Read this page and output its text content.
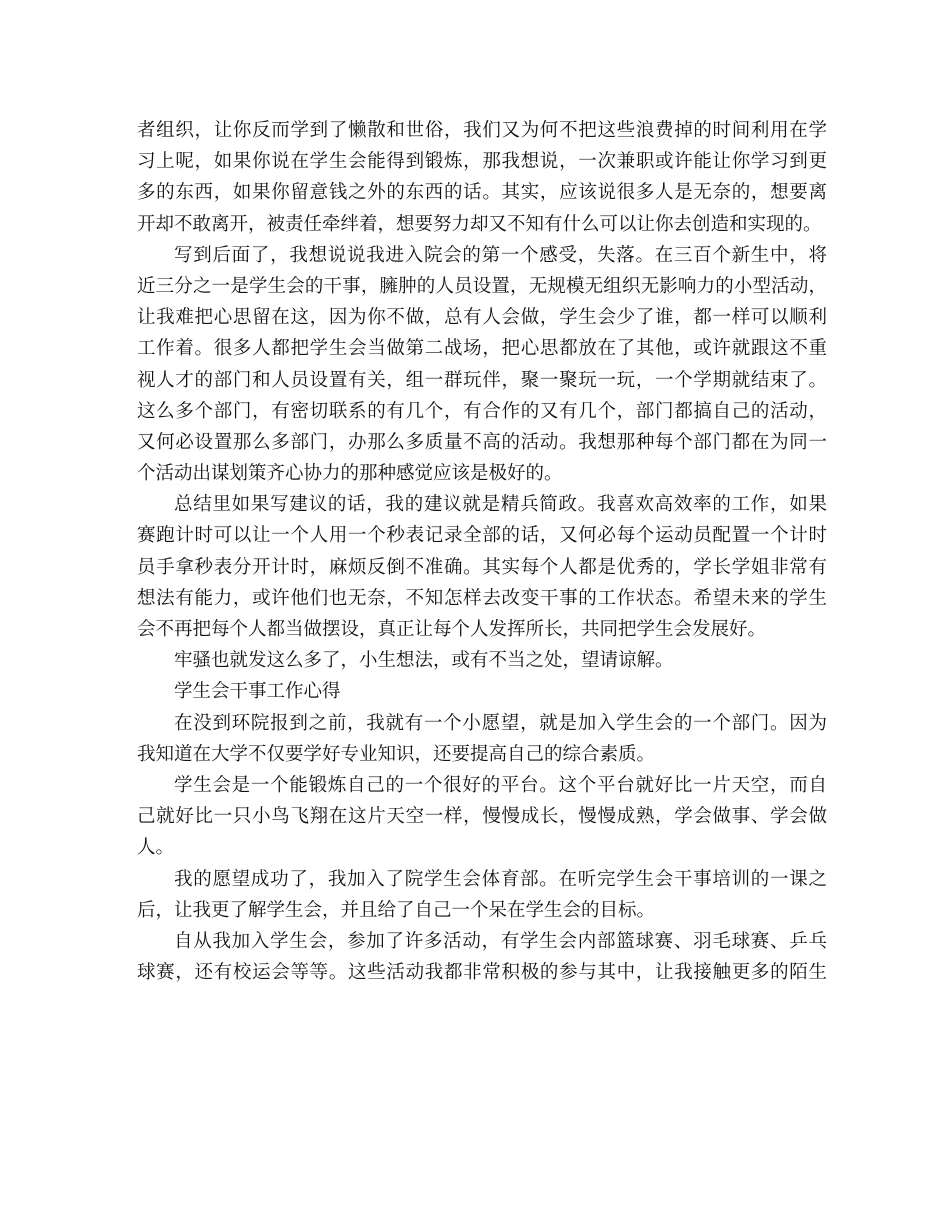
者组织，让你反而学到了懒散和世俗，我们又为何不把这些浪费掉的时间利用在学
习上呢，如果你说在学生会能得到锻炼，那我想说，一次兼职或许能让你学习到更
多的东西，如果你留意钱之外的东西的话。其实，应该说很多人是无奈的，想要离
开却不敢离开，被责任牵绊着，想要努力却又不知有什么可以让你去创造和实现的。
写到后面了，我想说说我进入院会的第一个感受，失落。在三百个新生中，将
近三分之一是学生会的干事，臃肿的人员设置，无规模无组织无影响力的小型活动，
让我难把心思留在这，因为你不做，总有人会做，学生会少了谁，都一样可以顺利
工作着。很多人都把学生会当做第二战场，把心思都放在了其他，或许就跟这不重
视人才的部门和人员设置有关，组一群玩伴，聚一聚玩一玩，一个学期就结束了。
这么多个部门，有密切联系的有几个，有合作的又有几个，部门都搞自己的活动，
又何必设置那么多部门，办那么多质量不高的活动。我想那种每个部门都在为同一
个活动出谋划策齐心协力的那种感觉应该是极好的。
总结里如果写建议的话，我的建议就是精兵简政。我喜欢高效率的工作，如果
赛跑计时可以让一个人用一个秒表记录全部的话，又何必每个运动员配置一个计时
员手拿秒表分开计时，麻烦反倒不准确。其实每个人都是优秀的，学长学姐非常有
想法有能力，或许他们也无奈，不知怎样去改变干事的工作状态。希望未来的学生
会不再把每个人都当做摆设，真正让每个人发挥所长，共同把学生会发展好。
牢骚也就发这么多了，小生想法，或有不当之处，望请谅解。
学生会干事工作心得
在没到环院报到之前，我就有一个小愿望，就是加入学生会的一个部门。因为
我知道在大学不仅要学好专业知识，还要提高自己的综合素质。
学生会是一个能锻炼自己的一个很好的平台。这个平台就好比一片天空，而自
己就好比一只小鸟飞翔在这片天空一样，慢慢成长，慢慢成熟，学会做事、学会做
人。
我的愿望成功了，我加入了院学生会体育部。在听完学生会干事培训的一课之
后，让我更了解学生会，并且给了自己一个呆在学生会的目标。
自从我加入学生会，参加了许多活动，有学生会内部篮球赛、羽毛球赛、乒乓
球赛，还有校运会等等。这些活动我都非常积极的参与其中，让我接触更多的陌生
